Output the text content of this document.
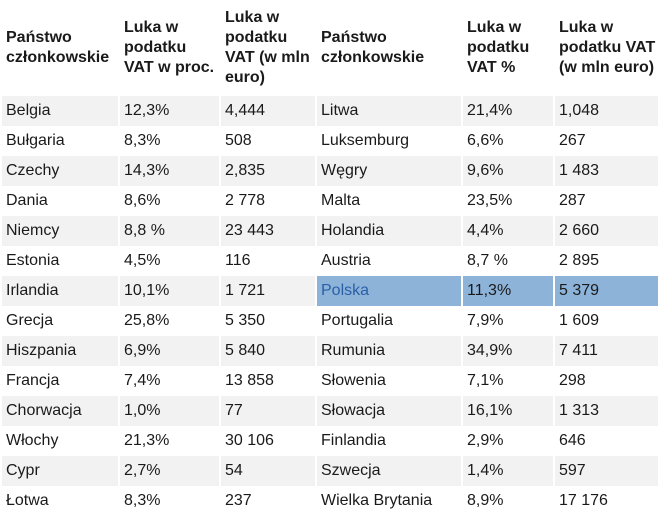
Państwo członkowskie	Luka w podatku VAT w proc.	Luka w podatku VAT (w mln euro)	Państwo członkowskie	Luka w podatku VAT %	Luka w podatku VAT (w mln euro)
Belgia	12,3%	4,444	Litwa	21,4%	1,048
Bułgaria	8,3%	508	Luksemburg	6,6%	267
Czechy	14,3%	2,835	Węgry	9,6%	1 483
Dania	8,6%	2 778	Malta	23,5%	287
Niemcy	8,8 %	23 443	Holandia	4,4%	2 660
Estonia	4,5%	116	Austria	8,7 %	2 895
Irlandia	10,1%	1 721	Polska	11,3%	5 379
Grecja	25,8%	5 350	Portugalia	7,9%	1 609
Hiszpania	6,9%	5 840	Rumunia	34,9%	7 411
Francja	7,4%	13 858	Słowenia	7,1%	298
Chorwacja	1,0%	77	Słowacja	16,1%	1 313
Włochy	21,3%	30 106	Finlandia	2,9%	646
Cypr	2,7%	54	Szwecja	1,4%	597
Łotwa	8,3%	237	Wielka Brytania	8,9%	17 176
